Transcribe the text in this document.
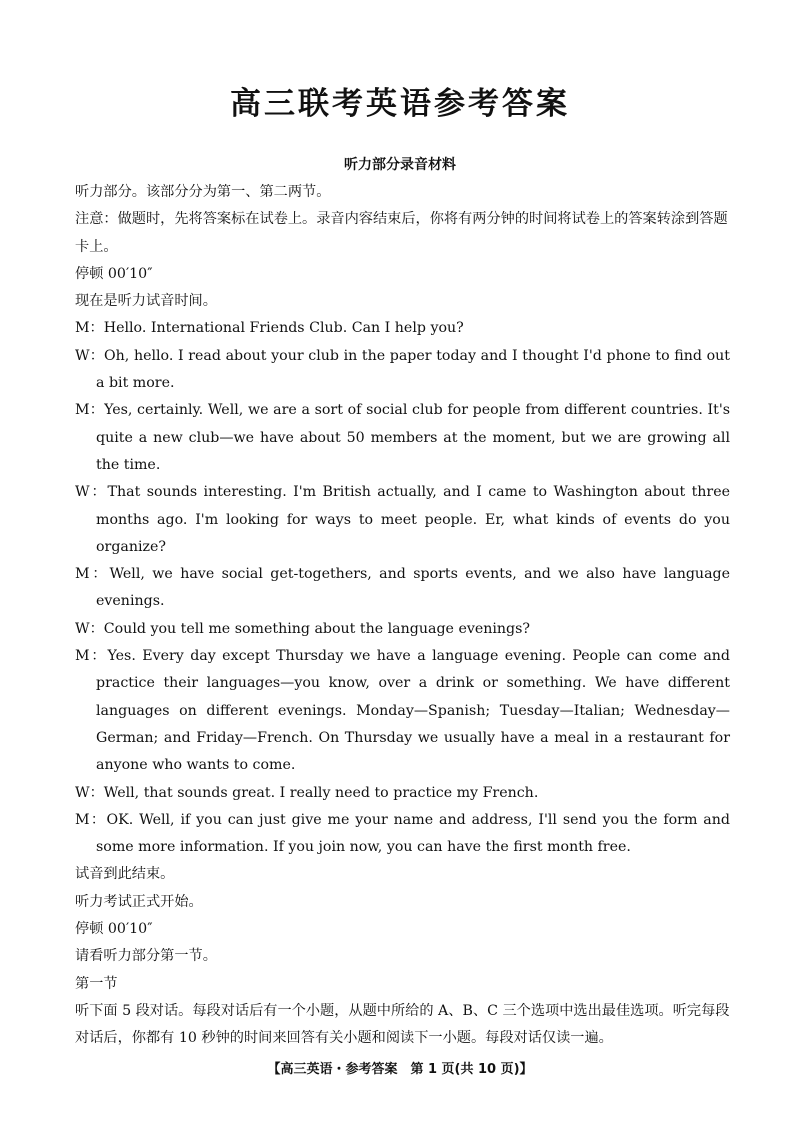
高三联考英语参考答案
听力部分录音材料

听力部分。该部分分为第一、第二两节。

注意：做题时，先将答案标在试卷上。录音内容结束后，你将有两分钟的时间将试卷上的答案转涂到答题卡上。

停顿 00′10″

现在是听力试音时间。

M：Hello. International Friends Club. Can I help you?

W：Oh, hello. I read about your club in the paper today and I thought I'd phone to find out a bit more.

M：Yes, certainly. Well, we are a sort of social club for people from different countries. It's quite a new club—we have about 50 members at the moment, but we are growing all the time.

W：That sounds interesting. I'm British actually, and I came to Washington about three months ago. I'm looking for ways to meet people. Er, what kinds of events do you organize?

M：Well, we have social get-togethers, and sports events, and we also have language evenings.

W：Could you tell me something about the language evenings?

M：Yes. Every day except Thursday we have a language evening. People can come and practice their languages—you know, over a drink or something. We have different languages on different evenings. Monday—Spanish; Tuesday—Italian; Wednesday—German; and Friday—French. On Thursday we usually have a meal in a restaurant for anyone who wants to come.

W：Well, that sounds great. I really need to practice my French.

M：OK. Well, if you can just give me your name and address, I'll send you the form and some more information. If you join now, you can have the first month free.

试音到此结束。

听力考试正式开始。

停顿 00′10″

请看听力部分第一节。

第一节

听下面 5 段对话。每段对话后有一个小题，从题中所给的 A、B、C 三个选项中选出最佳选项。听完每段对话后，你都有 10 秒钟的时间来回答有关小题和阅读下一小题。每段对话仅读一遍。

【高三英语・参考答案　第 1 页(共 10 页)】
